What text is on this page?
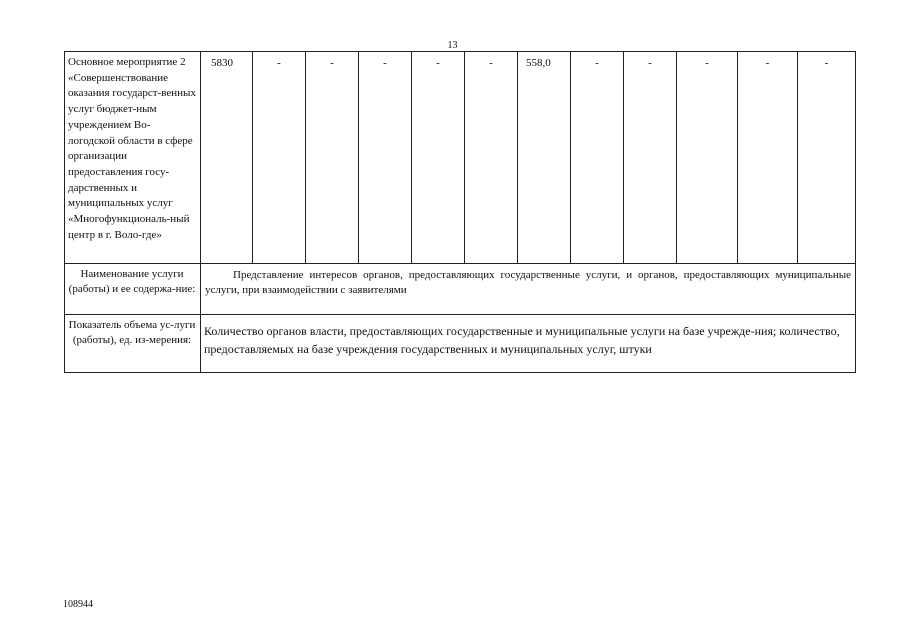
13
Основное мероприятие 2 «Совершенствование оказания государст-венных услуг бюджет-ным учреждением Во-логодской области в сфере организации предоставления госу-дарственных и муниципальных услуг «Многофункциональ-ный центр в г. Воло-где»	5830	-	-	-	-	-	558,0	-	-	-	-	-
Наименование услуги (работы) и ее содержа-ние:	Представление интересов органов, предоставляющих государственные услуги, и органов, предоставляющих муниципальные услуги, при взаимодействии с заявителями											
Показатель объема ус-луги (работы), ед. из-мерения:	Количество органов власти, предоставляющих государственные и муниципальные услуги на базе учрежде-ния; количество, предоставляемых на базе учреждения государственных и муниципальных услуг, штуки											
108944
